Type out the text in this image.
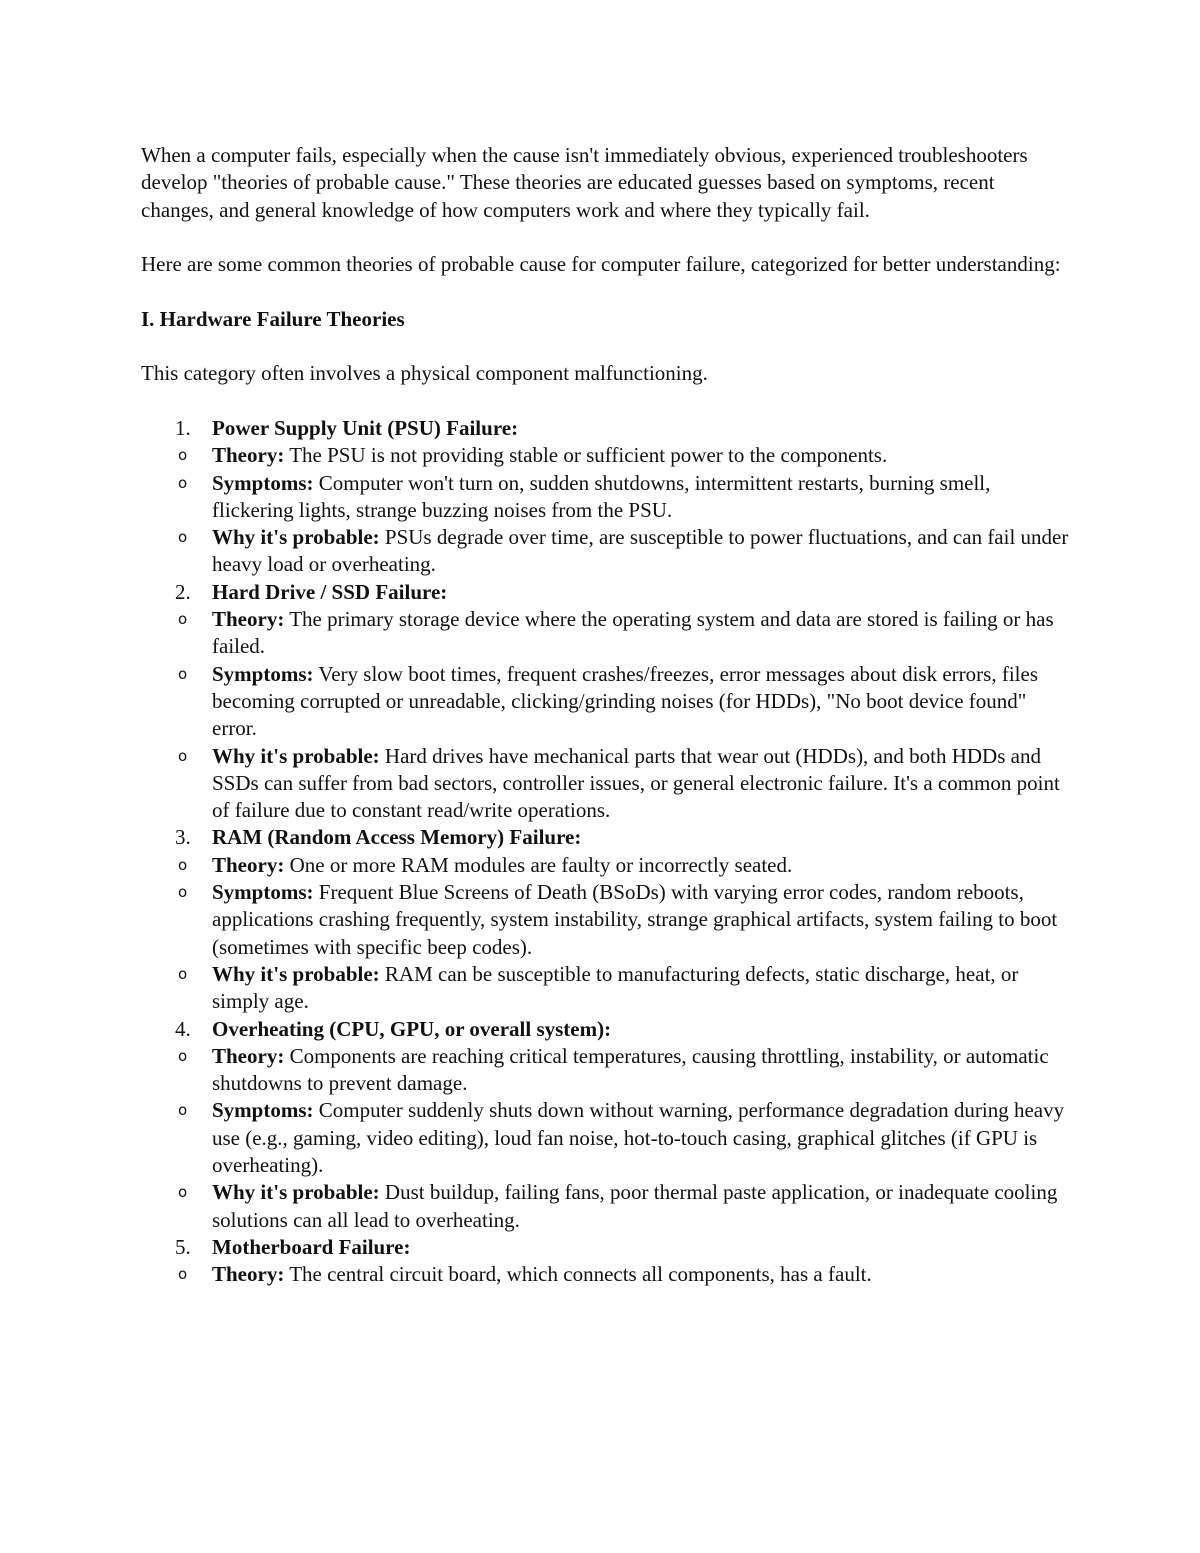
When a computer fails, especially when the cause isn't immediately obvious, experienced troubleshooters develop "theories of probable cause." These theories are educated guesses based on symptoms, recent changes, and general knowledge of how computers work and where they typically fail.

Here are some common theories of probable cause for computer failure, categorized for better understanding:

I. Hardware Failure Theories

This category often involves a physical component malfunctioning.

1. Power Supply Unit (PSU) Failure:
o Theory: The PSU is not providing stable or sufficient power to the components.
o Symptoms: Computer won't turn on, sudden shutdowns, intermittent restarts, burning smell, flickering lights, strange buzzing noises from the PSU.
o Why it's probable: PSUs degrade over time, are susceptible to power fluctuations, and can fail under heavy load or overheating.
2. Hard Drive / SSD Failure:
o Theory: The primary storage device where the operating system and data are stored is failing or has failed.
o Symptoms: Very slow boot times, frequent crashes/freezes, error messages about disk errors, files becoming corrupted or unreadable, clicking/grinding noises (for HDDs), "No boot device found" error.
o Why it's probable: Hard drives have mechanical parts that wear out (HDDs), and both HDDs and SSDs can suffer from bad sectors, controller issues, or general electronic failure. It's a common point of failure due to constant read/write operations.
3. RAM (Random Access Memory) Failure:
o Theory: One or more RAM modules are faulty or incorrectly seated.
o Symptoms: Frequent Blue Screens of Death (BSoDs) with varying error codes, random reboots, applications crashing frequently, system instability, strange graphical artifacts, system failing to boot (sometimes with specific beep codes).
o Why it's probable: RAM can be susceptible to manufacturing defects, static discharge, heat, or simply age.
4. Overheating (CPU, GPU, or overall system):
o Theory: Components are reaching critical temperatures, causing throttling, instability, or automatic shutdowns to prevent damage.
o Symptoms: Computer suddenly shuts down without warning, performance degradation during heavy use (e.g., gaming, video editing), loud fan noise, hot-to-touch casing, graphical glitches (if GPU is overheating).
o Why it's probable: Dust buildup, failing fans, poor thermal paste application, or inadequate cooling solutions can all lead to overheating.
5. Motherboard Failure:
o Theory: The central circuit board, which connects all components, has a fault.
